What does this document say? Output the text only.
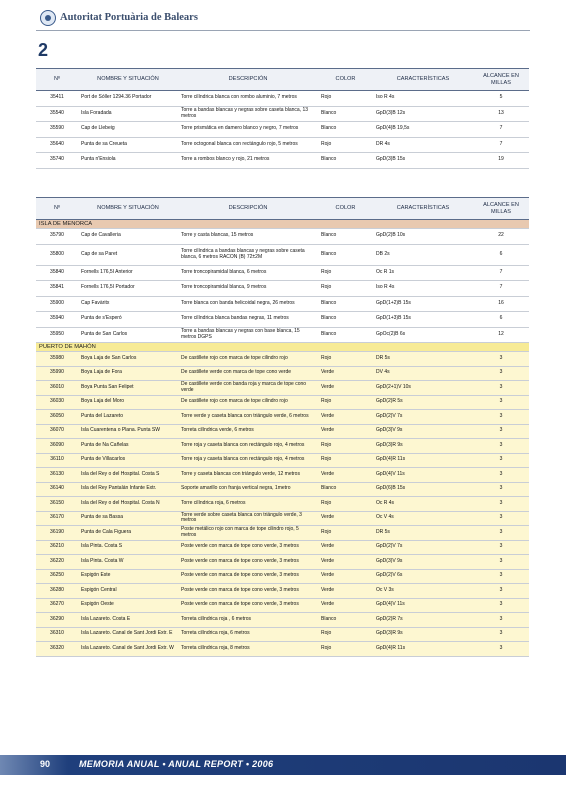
Autoritat Portuària de Balears
2
Nº	NOMBRE Y SITUACIÓN	DESCRIPCIÓN	COLOR	CARACTERÍSTICAS	ALCANCE EN MILLAS
35411	Port de Sóller 1294.36 Portador	Torre cilíndrica blanca con rombo aluminio, 7 metros	Rojo	Iso R 4s	5
35540	Isla Foradada	Torre a bandas blancas y negras sobre caseta blanca, 13 metros	Blanco	GpD(3)B 12s	13
35590	Cap de Llebeig	Torre prismática en damero blanco y negro, 7 metros	Blanco	GpD(4)B 19,5s	7
35640	Punta de sa Creueta	Torre octogonal blanca con rectángulo rojo, 5 metros	Rojo	DR 4s	7
35740	Punta n'Ensiola	Torre a rombos blanco y rojo, 21 metros	Blanco	GpD(3)B 15s	19
Nº	NOMBRE Y SITUACIÓN	DESCRIPCIÓN	COLOR	CARACTERÍSTICAS	ALCANCE EN MILLAS
ISLA DE MENORCA					
35790	Cap de Cavalleria	Torre y casta blancas, 15 metros	Blanco	GpD(2)B 10s	22
35800	Cap de sa Paret	Torre cilíndrica a bandas blancas y negras sobre caseta blanca, 6 metros RACON (B) 72±2M	Blanco	DB 2s	6
35840	Fornells 176,5I Anterior	Torre troncopiramidal blanca, 6 metros	Rojo	Oc R 1s	7
35841	Fornells 176,5I Portador	Torre troncopiramidal blanca, 9 metros	Rojo	Iso R 4s	7
35900	Cap Favàritx	Torre blanca con banda helicoidal negra, 26 metros	Blanco	GpD(1+2)B 15s	16
35940	Punta de s'Esperó	Torre cilíndrica blanca bandas negras, 11 metros	Blanco	GpD(1+3)B 15s	6
35950	Punta de San Carlos	Torre a bandas blancas y negras con base blanca, 15 metros DGPS	Blanco	GpOc(2)B 6s	12
PUERTO DE MAHÓN					
35980	Boya Laja de San Carlos	De castillete rojo con marca de tope cilindro rojo	Rojo	DR 5s	3
35990	Boya Laja de Fora	De castillete verde con marca de tope cono verde	Verde	DV 4s	3
36010	Boya Punta San Felipet	De castillete verde con banda roja y marca de tope cono verde	Verde	GpD(2+1)V 10s	3
36030	Boya Laja del Moro	De castillete rojo con marca de tope cilindro rojo	Rojo	GpD(2)R 5s	3
36050	Punta del Lazareto	Torre verde y caseta blanca con triángulo verde, 6 metros	Verde	GpD(2)V 7s	3
36070	Isla Cuarentena o Plana. Punta SW	Torreta cilíndrica verde, 6 metros	Verde	GpD(3)V 9s	3
36090	Punta de Na Cañelas	Torre roja y caseta blanca con rectángulo rojo, 4 metros	Rojo	GpD(3)R 9s	3
36110	Punta de Villacarlos	Torre roja y caseta blanca con rectángulo rojo, 4 metros	Rojo	GpD(4)R 11s	3
36130	Isla del Rey o del Hospital. Costa S	Torre y caseta blancas con triángulo verde, 12 metros	Verde	GpD(4)V 11s	3
36140	Isla del Rey Pantalán Infante Extr.	Soporte amarillo con franja vertical negra, 1metro	Blanco	GpD(6)B 15s	3
36150	Isla del Rey o del Hospital. Costa N	Torre cilíndrica roja, 6 metros	Rojo	Oc R 4s	3
36170	Punta de sa Bassa	Torre verde sobre caseta blanca con triángulo verde, 3 metros	Verde	Oc V 4s	3
36190	Punta de Cala Figuera	Poste metálico rojo con marca de tope cilindro rojo, 5 metros	Rojo	DR 5s	3
36210	Isla Pinta. Costa S	Poste verde con marca de tope cono verde, 3 metros	Verde	GpD(2)V 7s	3
36220	Isla Pinta. Costa W	Poste verde con marca de tope cono verde, 3 metros	Verde	GpD(3)V 9s	3
36250	Espigón Este	Poste verde con marca de tope cono verde, 3 metros	Verde	GpD(2)V 6s	3
36280	Espigón Central	Poste verde con marca de tope cono verde, 3 metros	Verde	Oc V 3s	3
36270	Espigón Oeste	Poste verde con marca de tope cono verde, 3 metros	Verde	GpD(4)V 11s	3
36290	Isla Lazareto. Costa E	Torreta cilíndrica roja , 6 metros	Blanco	GpD(2)R 7s	3
36310	Isla Lazareto. Canal de Sant Jordi Extr. E	Torreta cilíndrica roja, 6 metros	Rojo	GpD(3)R 9s	3
36320	Isla Lazareto. Canal de Sant Jordi Extr. W	Torreta cilíndrica roja, 8 metros	Rojo	GpD(4)R 11s	3
90	MEMORIA ANUAL • ANUAL REPORT • 2006
